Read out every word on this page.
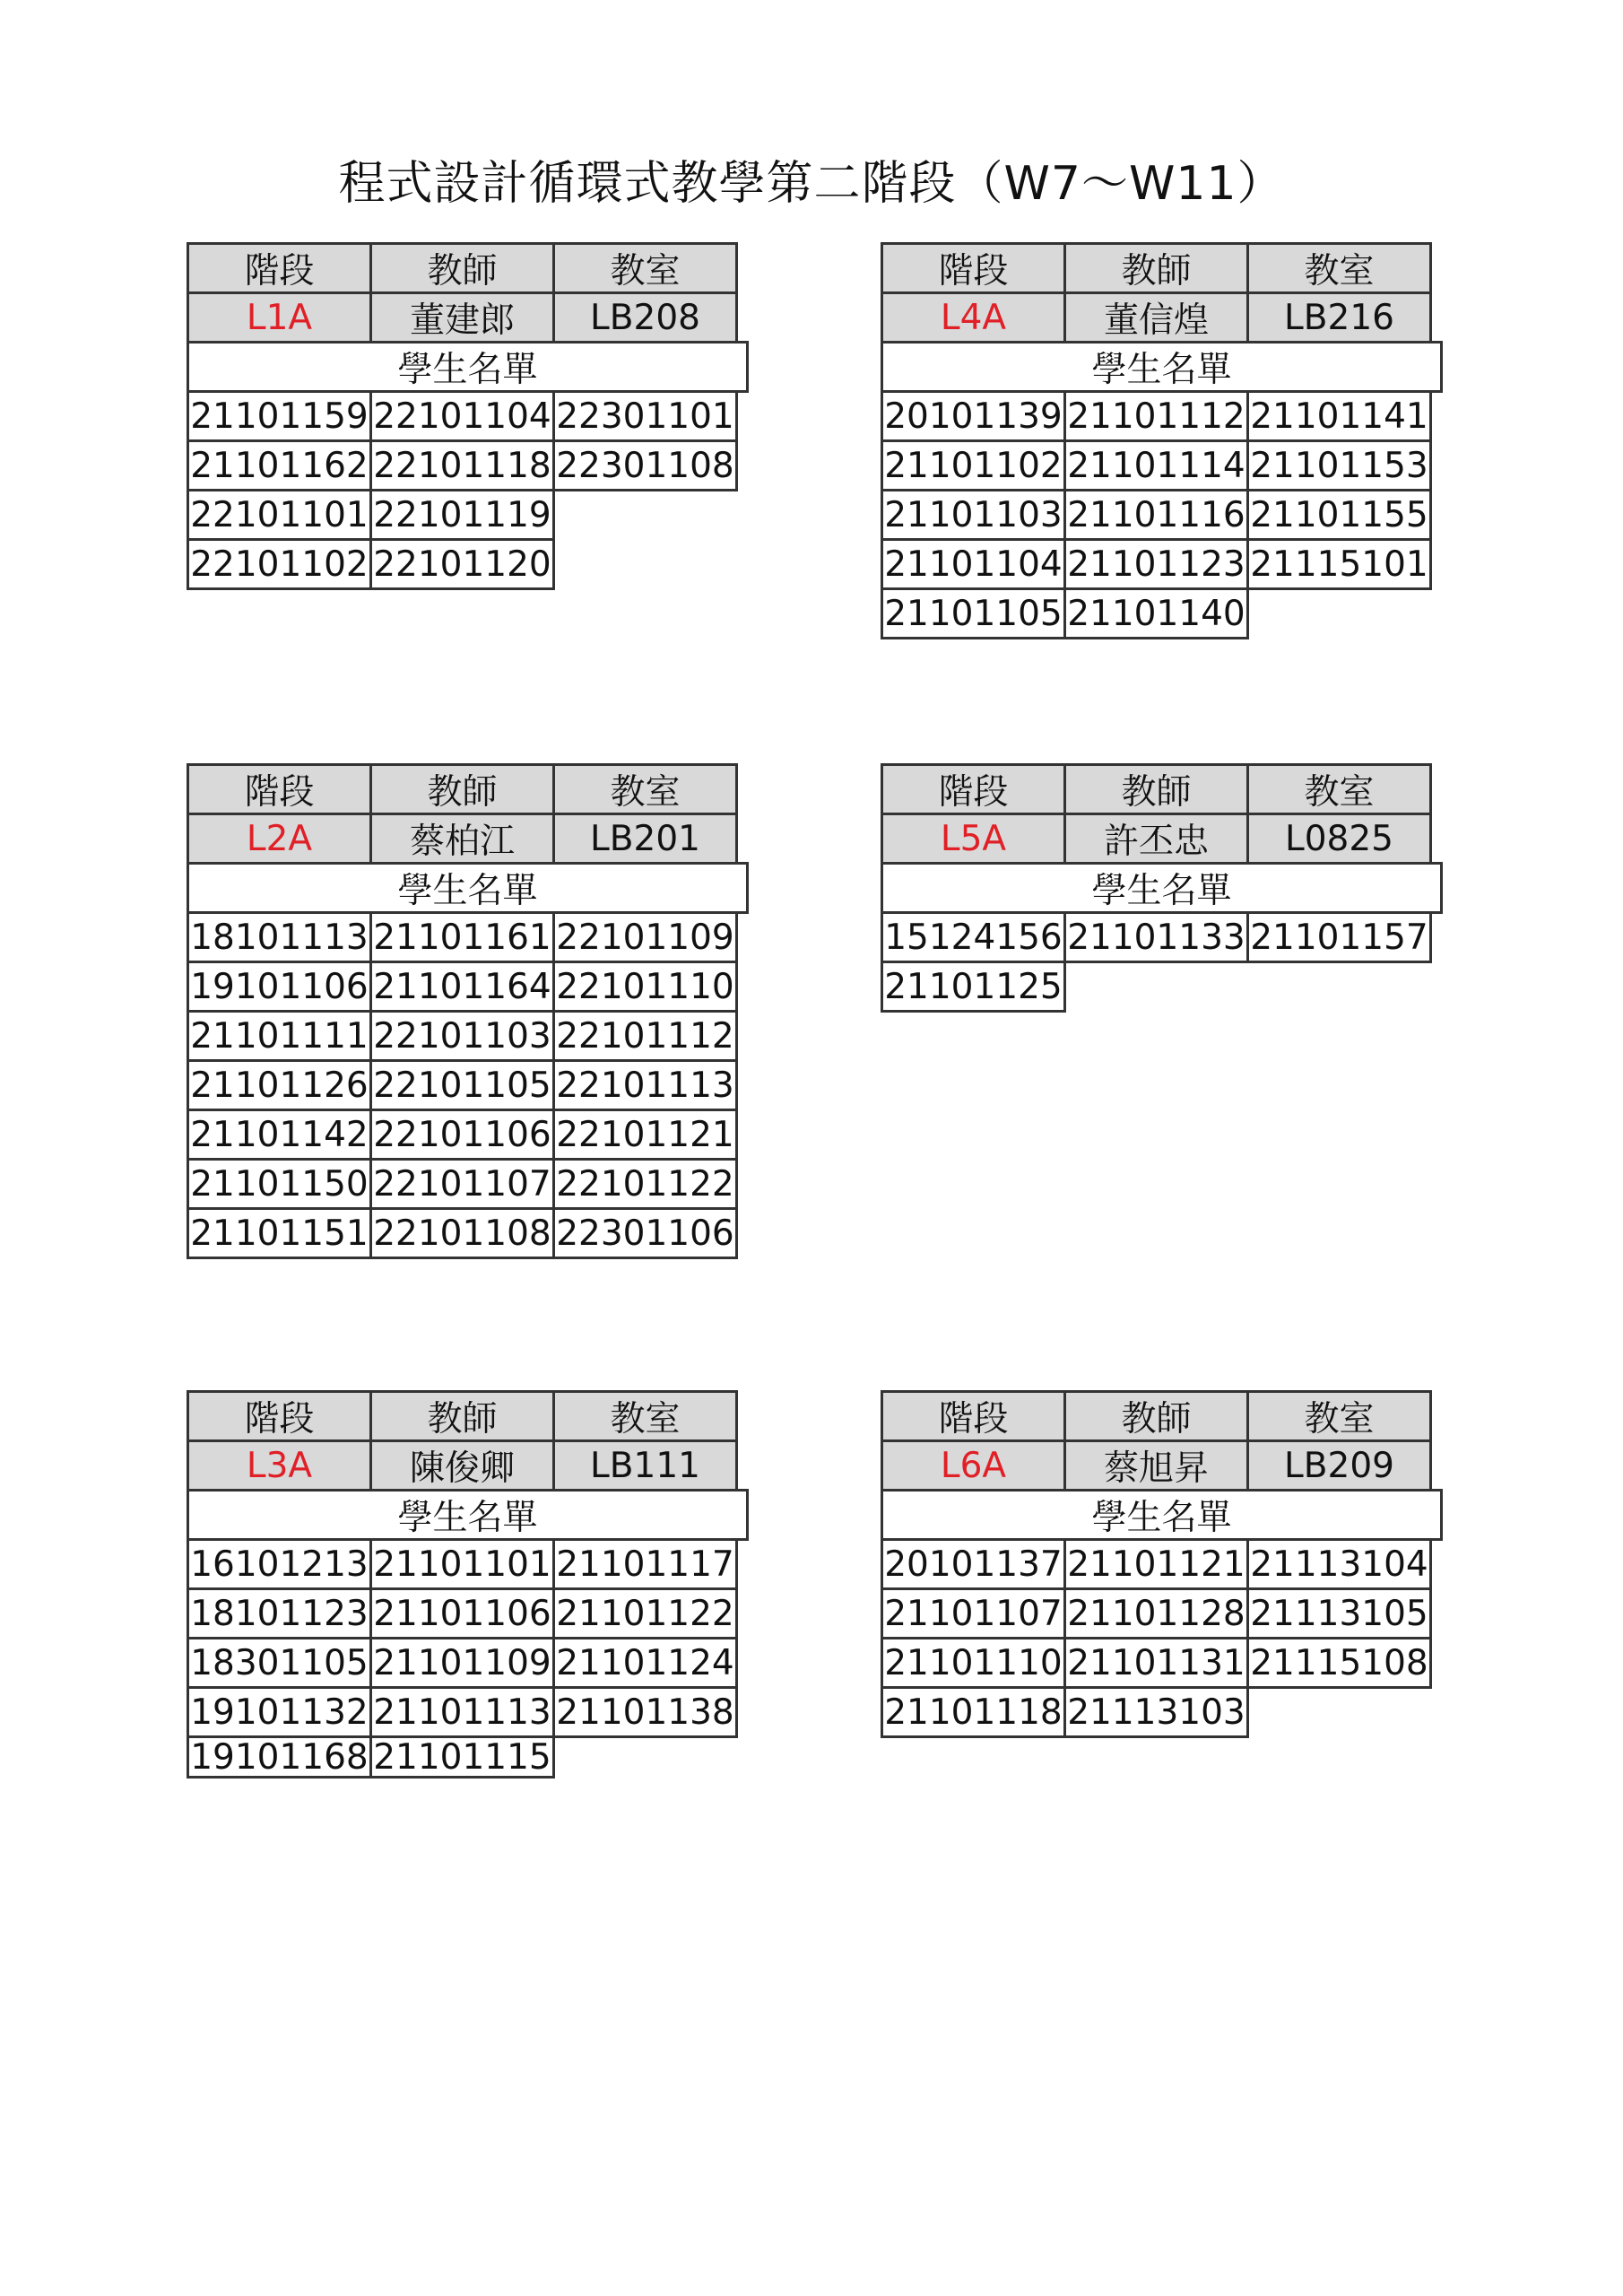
程式設計循環式教學第二階段（W7～W11）
階段	教師	教室
L1A	董建郎	LB208
學生名單
21101159 22101104 22301101
21101162 22101118 22301108
22101101 22101119
22101102 22101120
階段	教師	教室
L4A	董信煌	LB216
學生名單
20101139 21101112 21101141
21101102 21101114 21101153
21101103 21101116 21101155
21101104 21101123 21115101
21101105 21101140
階段	教師	教室
L2A	蔡柏江	LB201
學生名單
18101113 21101161 22101109
19101106 21101164 22101110
21101111 22101103 22101112
21101126 22101105 22101113
21101142 22101106 22101121
21101150 22101107 22101122
21101151 22101108 22301106
階段	教師	教室
L5A	許丕忠	L0825
學生名單
15124156 21101133 21101157
21101125
階段	教師	教室
L3A	陳俊卿	LB111
學生名單
16101213 21101101 21101117
18101123 21101106 21101122
18301105 21101109 21101124
19101132 21101113 21101138
19101168 21101115
階段	教師	教室
L6A	蔡旭昇	LB209
學生名單
20101137 21101121 21113104
21101107 21101128 21113105
21101110 21101131 21115108
21101118 21113103
